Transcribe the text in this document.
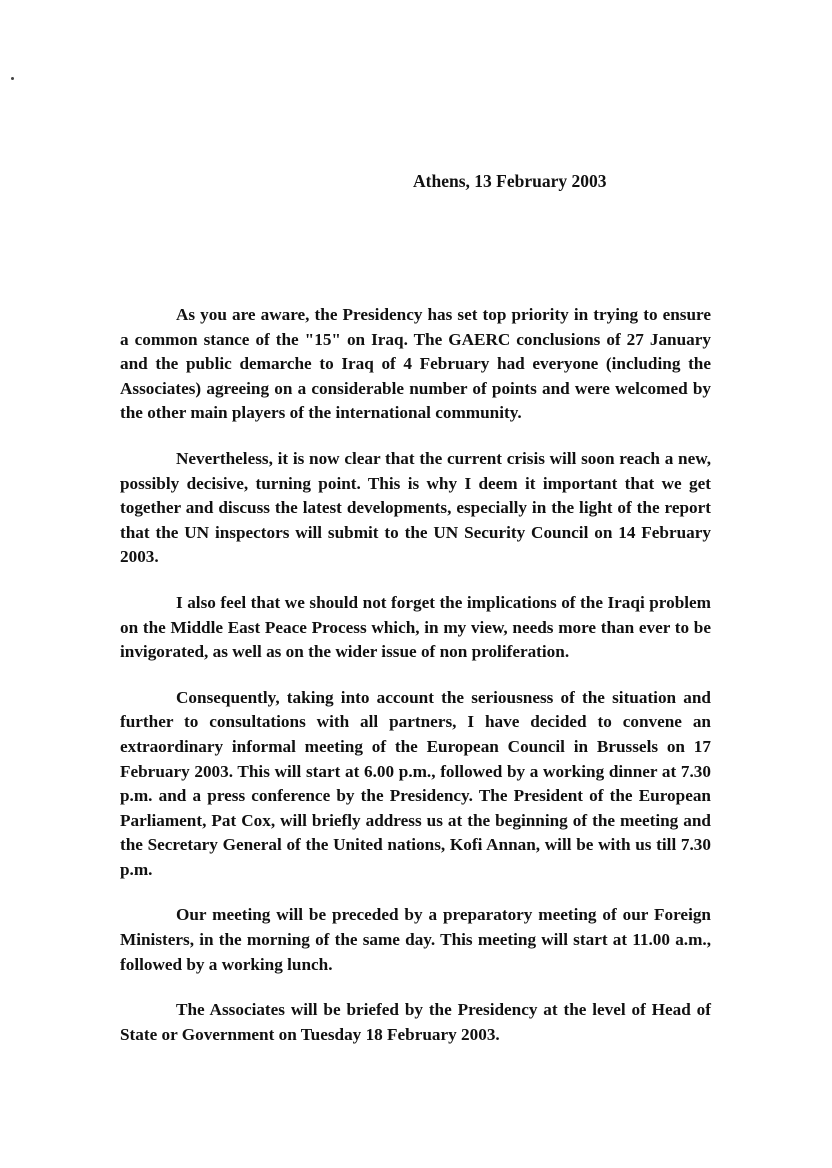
Athens, 13 February 2003

As you are aware, the Presidency has set top priority in trying to ensure a common stance of the "15" on Iraq. The GAERC conclusions of 27 January and the public demarche to Iraq of 4 February had everyone (including the Associates) agreeing on a considerable number of points and were welcomed by the other main players of the international community.

Nevertheless, it is now clear that the current crisis will soon reach a new, possibly decisive, turning point. This is why I deem it important that we get together and discuss the latest developments, especially in the light of the report that the UN inspectors will submit to the UN Security Council on 14 February 2003.

I also feel that we should not forget the implications of the Iraqi problem on the Middle East Peace Process which, in my view, needs more than ever to be invigorated, as well as on the wider issue of non proliferation.

Consequently, taking into account the seriousness of the situation and further to consultations with all partners, I have decided to convene an extraordinary informal meeting of the European Council in Brussels on 17 February 2003. This will start at 6.00 p.m., followed by a working dinner at 7.30 p.m. and a press conference by the Presidency. The President of the European Parliament, Pat Cox, will briefly address us at the beginning of the meeting and the Secretary General of the United nations, Kofi Annan, will be with us till 7.30 p.m.

Our meeting will be preceded by a preparatory meeting of our Foreign Ministers, in the morning of the same day. This meeting will start at 11.00 a.m., followed by a working lunch.

The Associates will be briefed by the Presidency at the level of Head of State or Government on Tuesday 18 February 2003.
